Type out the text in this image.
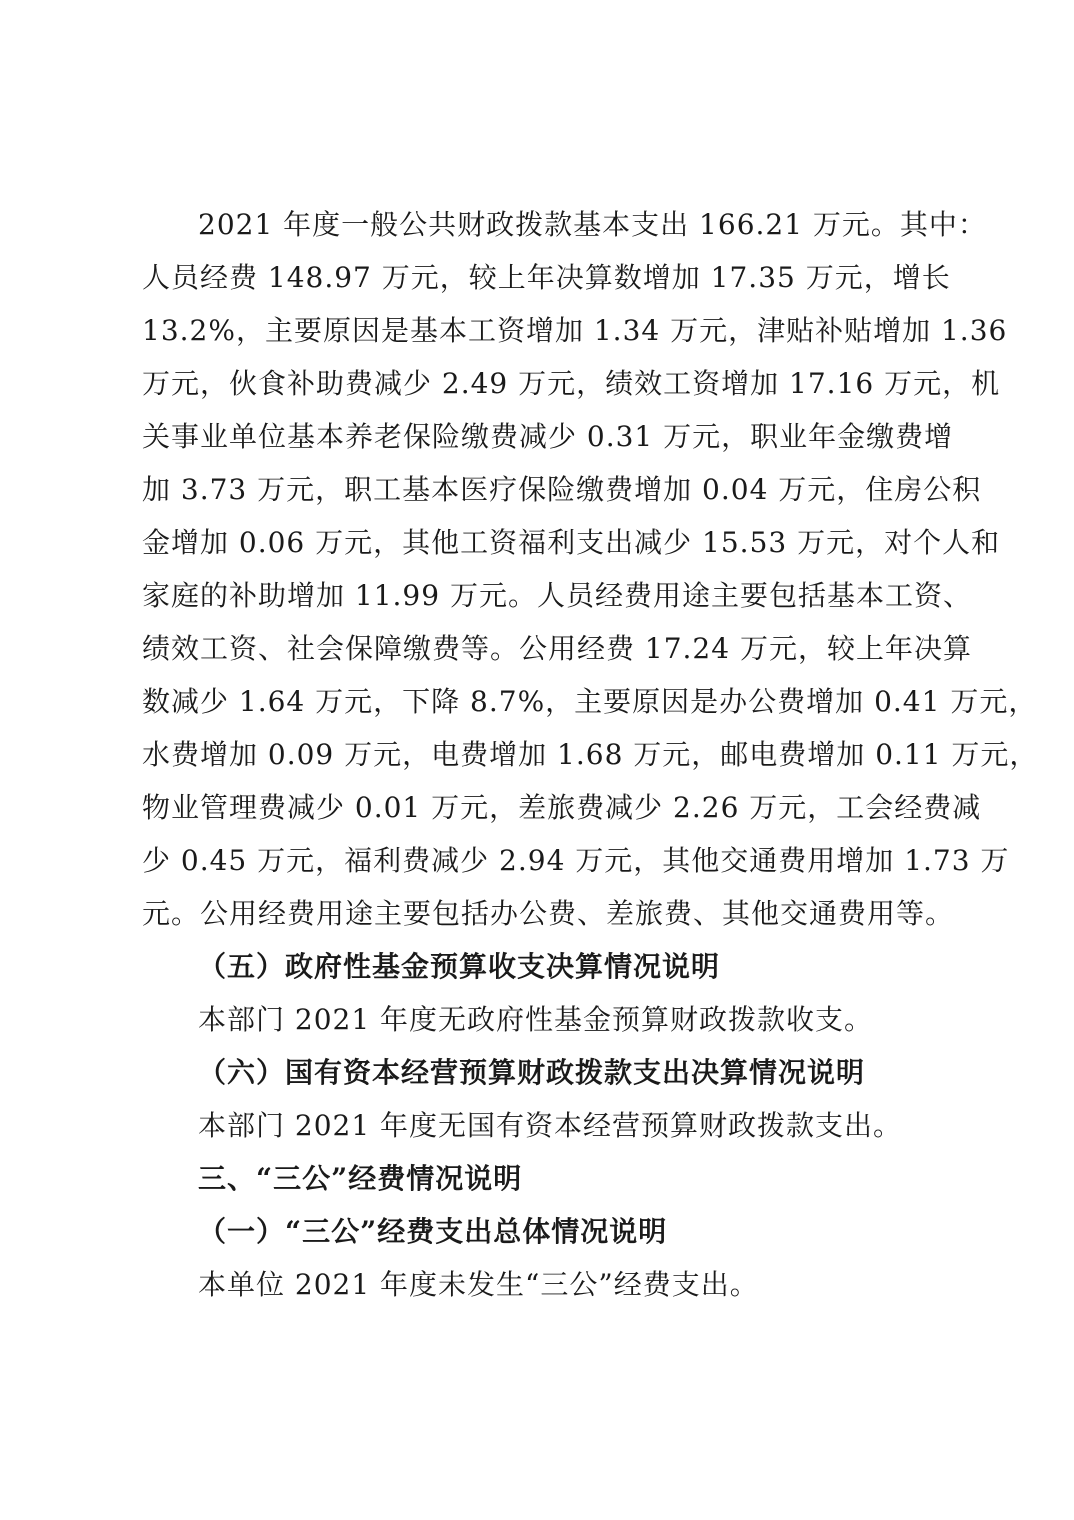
2021 年度一般公共财政拨款基本支出 166.21 万元。其中：
人员经费 148.97 万元，较上年决算数增加 17.35 万元，增长
13.2%，主要原因是基本工资增加 1.34 万元，津贴补贴增加 1.36
万元，伙食补助费减少 2.49 万元，绩效工资增加 17.16 万元，机
关事业单位基本养老保险缴费减少 0.31 万元，职业年金缴费增
加 3.73 万元，职工基本医疗保险缴费增加 0.04 万元，住房公积
金增加 0.06 万元，其他工资福利支出减少 15.53 万元，对个人和
家庭的补助增加 11.99 万元。人员经费用途主要包括基本工资、
绩效工资、社会保障缴费等。公用经费 17.24 万元，较上年决算
数减少 1.64 万元，下降 8.7%，主要原因是办公费增加 0.41 万元，
水费增加 0.09 万元，电费增加 1.68 万元，邮电费增加 0.11 万元，
物业管理费减少 0.01 万元，差旅费减少 2.26 万元，工会经费减
少 0.45 万元，福利费减少 2.94 万元，其他交通费用增加 1.73 万
元。公用经费用途主要包括办公费、差旅费、其他交通费用等。
（五）政府性基金预算收支决算情况说明
本部门 2021 年度无政府性基金预算财政拨款收支。
（六）国有资本经营预算财政拨款支出决算情况说明
本部门 2021 年度无国有资本经营预算财政拨款支出。
三、“三公”经费情况说明
（一）“三公”经费支出总体情况说明
本单位 2021 年度未发生“三公”经费支出。
